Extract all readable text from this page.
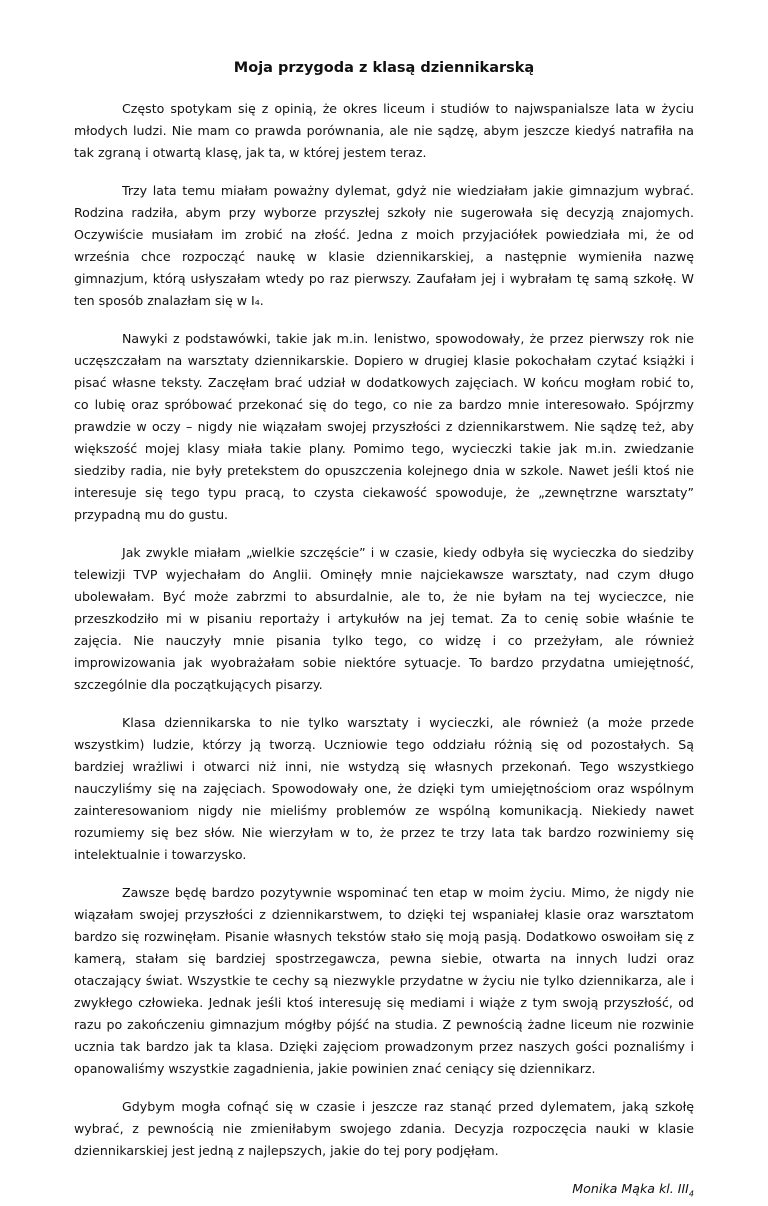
Moja przygoda z klasą dziennikarską

Często spotykam się z opinią, że okres liceum i studiów to najwspanialsze lata w życiu młodych ludzi. Nie mam co prawda porównania, ale nie sądzę, abym jeszcze kiedyś natrafiła na tak zgraną i otwartą klasę, jak ta, w której jestem teraz.

Trzy lata temu miałam poważny dylemat, gdyż nie wiedziałam jakie gimnazjum wybrać. Rodzina radziła, abym przy wyborze przyszłej szkoły nie sugerowała się decyzją znajomych. Oczywiście musiałam im zrobić na złość. Jedna z moich przyjaciółek powiedziała mi, że od września chce rozpocząć naukę w klasie dziennikarskiej, a następnie wymieniła nazwę gimnazjum, którą usłyszałam wtedy po raz pierwszy. Zaufałam jej i wybrałam tę samą szkołę. W ten sposób znalazłam się w I₄.

Nawyki z podstawówki, takie jak m.in. lenistwo, spowodowały, że przez pierwszy rok nie uczęszczałam na warsztaty dziennikarskie. Dopiero w drugiej klasie pokochałam czytać książki i pisać własne teksty. Zaczęłam brać udział w dodatkowych zajęciach. W końcu mogłam robić to, co lubię oraz spróbować przekonać się do tego, co nie za bardzo mnie interesowało. Spójrzmy prawdzie w oczy – nigdy nie wiązałam swojej przyszłości z dziennikarstwem. Nie sądzę też, aby większość mojej klasy miała takie plany. Pomimo tego, wycieczki takie jak m.in. zwiedzanie siedziby radia, nie były pretekstem do opuszczenia kolejnego dnia w szkole. Nawet jeśli ktoś nie interesuje się tego typu pracą, to czysta ciekawość spowoduje, że „zewnętrzne warsztaty” przypadną mu do gustu.

Jak zwykle miałam „wielkie szczęście” i w czasie, kiedy odbyła się wycieczka do siedziby telewizji TVP wyjechałam do Anglii. Ominęły mnie najciekawsze warsztaty, nad czym długo ubolewałam. Być może zabrzmi to absurdalnie, ale to, że nie byłam na tej wycieczce, nie przeszkodziło mi w pisaniu reportaży i artykułów na jej temat. Za to cenię sobie właśnie te zajęcia. Nie nauczyły mnie pisania tylko tego, co widzę i co przeżyłam, ale również improwizowania jak wyobrażałam sobie niektóre sytuacje. To bardzo przydatna umiejętność, szczególnie dla początkujących pisarzy.

Klasa dziennikarska to nie tylko warsztaty i wycieczki, ale również (a może przede wszystkim) ludzie, którzy ją tworzą. Uczniowie tego oddziału różnią się od pozostałych. Są bardziej wrażliwi i otwarci niż inni, nie wstydzą się własnych przekonań. Tego wszystkiego nauczyliśmy się na zajęciach. Spowodowały one, że dzięki tym umiejętnościom oraz wspólnym zainteresowaniom nigdy nie mieliśmy problemów ze wspólną komunikacją. Niekiedy nawet rozumiemy się bez słów. Nie wierzyłam w to, że przez te trzy lata tak bardzo rozwiniemy się intelektualnie i towarzysko.

Zawsze będę bardzo pozytywnie wspominać ten etap w moim życiu. Mimo, że nigdy nie wiązałam swojej przyszłości z dziennikarstwem, to dzięki tej wspaniałej klasie oraz warsztatom bardzo się rozwinęłam. Pisanie własnych tekstów stało się moją pasją. Dodatkowo oswoiłam się z kamerą, stałam się bardziej spostrzegawcza, pewna siebie, otwarta na innych ludzi oraz otaczający świat. Wszystkie te cechy są niezwykle przydatne w życiu nie tylko dziennikarza, ale i zwykłego człowieka. Jednak jeśli ktoś interesuję się mediami i wiąże z tym swoją przyszłość, od razu po zakończeniu gimnazjum mógłby pójść na studia. Z pewnością żadne liceum nie rozwinie ucznia tak bardzo jak ta klasa. Dzięki zajęciom prowadzonym przez naszych gości poznaliśmy i opanowaliśmy wszystkie zagadnienia, jakie powinien znać ceniący się dziennikarz.

Gdybym mogła cofnąć się w czasie i jeszcze raz stanąć przed dylematem, jaką szkołę wybrać, z pewnością nie zmieniłabym swojego zdania. Decyzja rozpoczęcia nauki w klasie dziennikarskiej jest jedną z najlepszych, jakie do tej pory podjęłam.

Monika Mąka kl. $III_4$
